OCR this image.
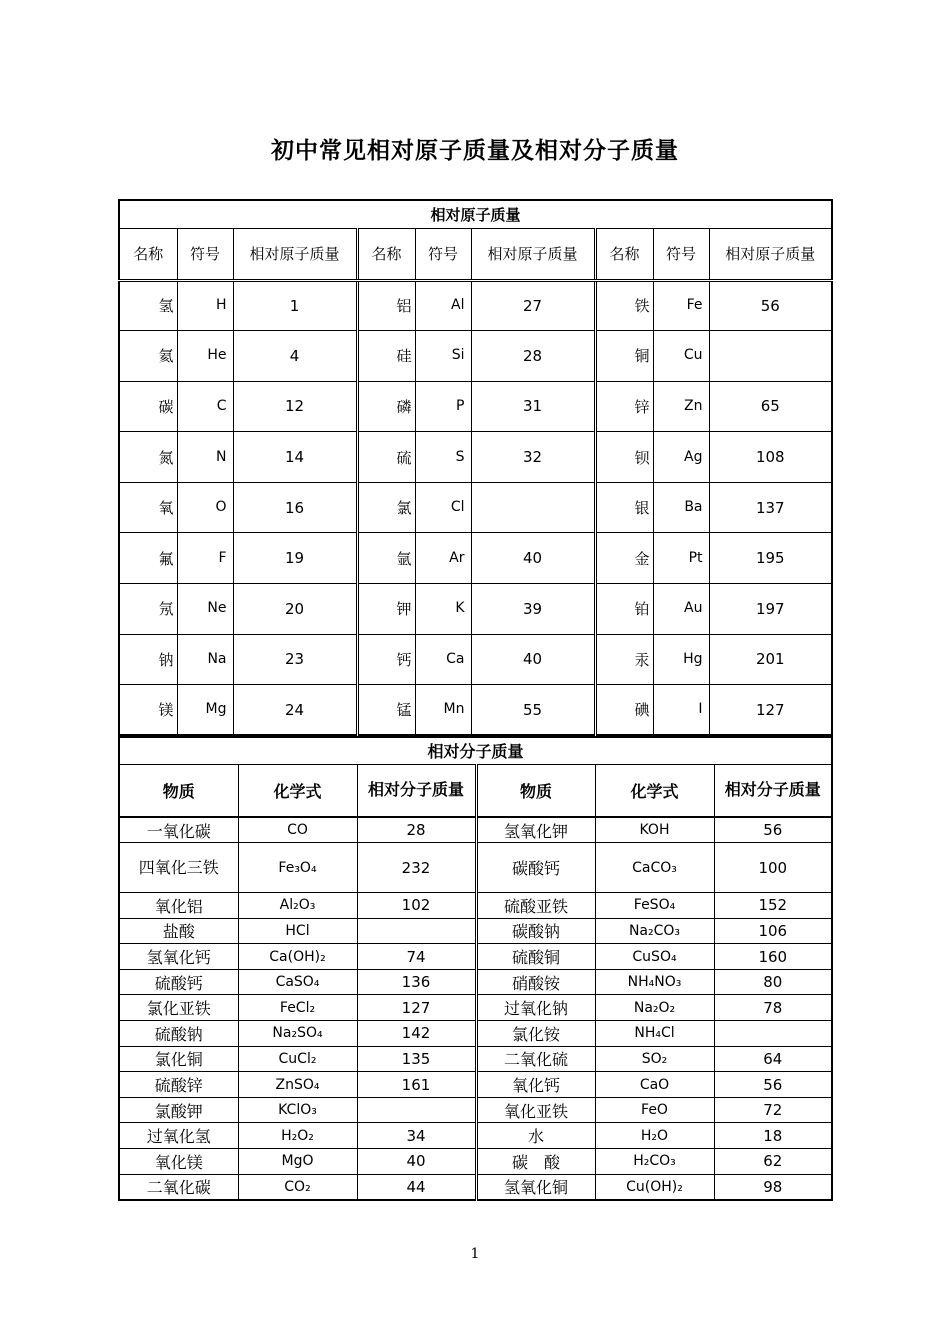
初中常见相对原子质量及相对分子质量
相对原子质量								
名称	符号	相对原子质量	名称	符号	相对原子质量	名称	符号	相对原子质量
氢	H	1	铝	Al	27	铁	Fe	56
氦	He	4	硅	Si	28	铜	Cu	
碳	C	12	磷	P	31	锌	Zn	65
氮	N	14	硫	S	32	钡	Ag	108
氧	O	16	氯	Cl		银	Ba	137
氟	F	19	氩	Ar	40	金	Pt	195
氖	Ne	20	钾	K	39	铂	Au	197
钠	Na	23	钙	Ca	40	汞	Hg	201
镁	Mg	24	锰	Mn	55	碘	I	127
相对分子质量					
物质	化学式	相对分子质量	物质	化学式	相对分子质量
一氧化碳	CO	28	氢氧化钾	KOH	56
四氧化三铁	Fe₃O₄	232	碳酸钙	CaCO₃	100
氧化铝	Al₂O₃	102	硫酸亚铁	FeSO₄	152
盐酸	HCl		碳酸钠	Na₂CO₃	106
氢氧化钙	Ca(OH)₂	74	硫酸铜	CuSO₄	160
硫酸钙	CaSO₄	136	硝酸铵	NH₄NO₃	80
氯化亚铁	FeCl₂	127	过氧化钠	Na₂O₂	78
硫酸钠	Na₂SO₄	142	氯化铵	NH₄Cl	
氯化铜	CuCl₂	135	二氧化硫	SO₂	64
硫酸锌	ZnSO₄	161	氧化钙	CaO	56
氯酸钾	KClO₃		氧化亚铁	FeO	72
过氧化氢	H₂O₂	34	水	H₂O	18
氧化镁	MgO	40	碳　酸	H₂CO₃	62
二氧化碳	CO₂	44	氢氧化铜	Cu(OH)₂	98
1
